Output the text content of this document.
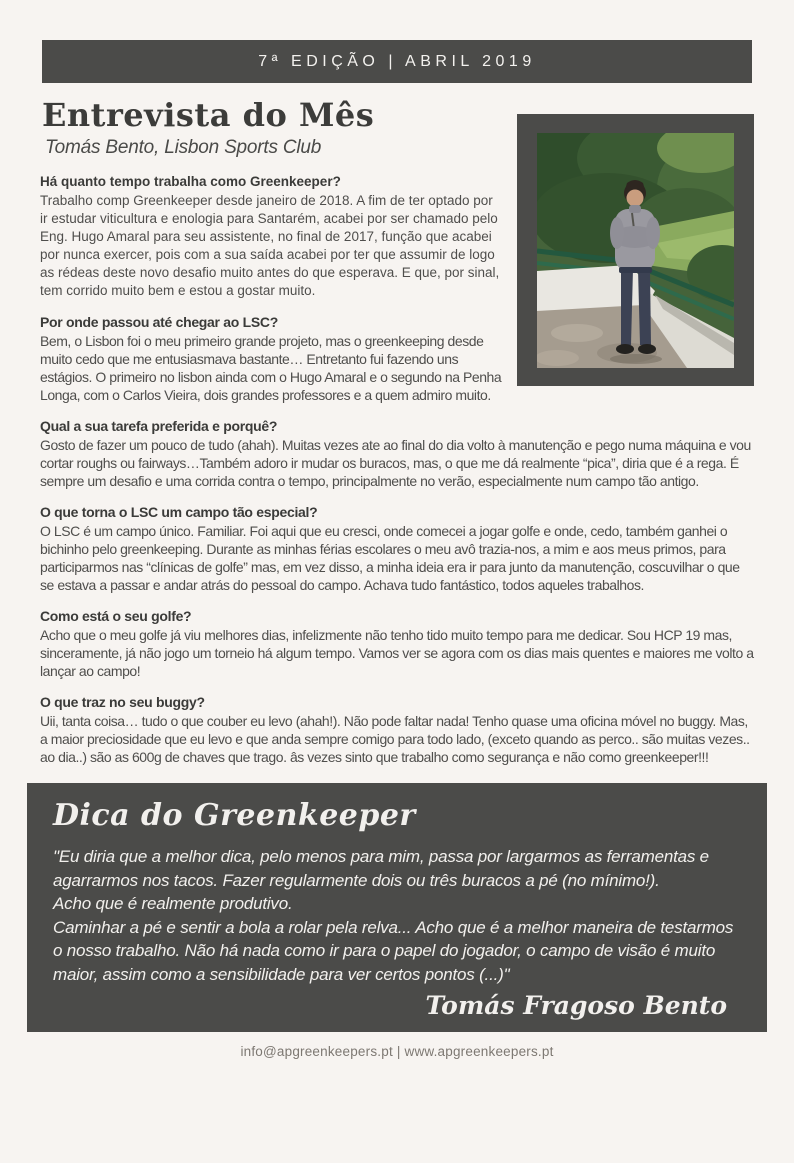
7ª EDIÇÃO | ABRIL 2019
Entrevista do Mês
Tomás Bento, Lisbon Sports Club
Há quanto tempo trabalha como Greenkeeper?
Trabalho comp Greenkeeper desde janeiro de 2018. A fim de ter optado por ir estudar viticultura e enologia para Santarém, acabei por ser chamado pelo Eng. Hugo Amaral para seu assistente, no final de 2017, função que acabei por nunca exercer, pois com a sua saída acabei por ter que assumir de logo as rédeas deste novo desafio muito antes do que esperava. E que, por sinal, tem corrido muito bem e estou a gostar muito.
Por onde passou até chegar ao LSC?
Bem, o Lisbon foi o meu primeiro grande projeto, mas o greenkeeping desde muito cedo que me entusiasmava bastante… Entretanto fui fazendo uns estágios. O primeiro no lisbon ainda com o Hugo Amaral e o segundo na Penha Longa, com o Carlos Vieira, dois grandes professores e a quem admiro muito.
Qual a sua tarefa preferida e porquê?
Gosto de fazer um pouco de tudo (ahah). Muitas vezes ate ao final do dia volto à manutenção e pego numa máquina e vou cortar roughs ou fairways…Também adoro ir mudar os buracos, mas, o que me dá realmente “pica”, diria que é a rega. É sempre um desafio e uma corrida contra o tempo, principalmente no verão, especialmente num campo tão antigo.
O que torna o LSC um campo tão especial?
O LSC é um campo único. Familiar. Foi aqui que eu cresci, onde comecei a jogar golfe e onde, cedo, também ganhei o bichinho pelo greenkeeping. Durante as minhas férias escolares o meu avô trazia-nos, a mim e aos meus primos, para participarmos nas “clínicas de golfe” mas, em vez disso, a minha ideia era ir para junto da manutenção, coscuvilhar o que se estava a passar e andar atrás do pessoal do campo. Achava tudo fantástico, todos aqueles trabalhos.
Como está o seu golfe?
Acho que o meu golfe já viu melhores dias, infelizmente não tenho tido muito tempo para me dedicar. Sou HCP 19 mas, sinceramente, já não jogo um torneio há algum tempo. Vamos ver se agora com os dias mais quentes e maiores me volto a lançar ao campo!
O que traz no seu buggy?
Uii, tanta coisa… tudo o que couber eu levo (ahah!). Não pode faltar nada! Tenho quase uma oficina móvel no buggy. Mas, a maior preciosidade que eu levo e que anda sempre comigo para todo lado, (exceto quando as perco.. são muitas vezes.. ao dia..) são as 600g de chaves que trago. âs vezes sinto que trabalho como segurança e não como greenkeeper!!!
Dica do Greenkeeper
"Eu diria que a melhor dica, pelo menos para mim, passa por largarmos as ferramentas e agarrarmos nos tacos. Fazer regularmente dois ou três buracos a pé (no mínimo!).
Acho que é realmente produtivo.
Caminhar a pé e sentir a bola a rolar pela relva... Acho que é a melhor maneira de testarmos o nosso trabalho. Não há nada como ir para o papel do jogador, o campo de visão é muito maior, assim como a sensibilidade para ver certos pontos (...)"
Tomás Fragoso Bento
info@apgreenkeepers.pt | www.apgreenkeepers.pt
